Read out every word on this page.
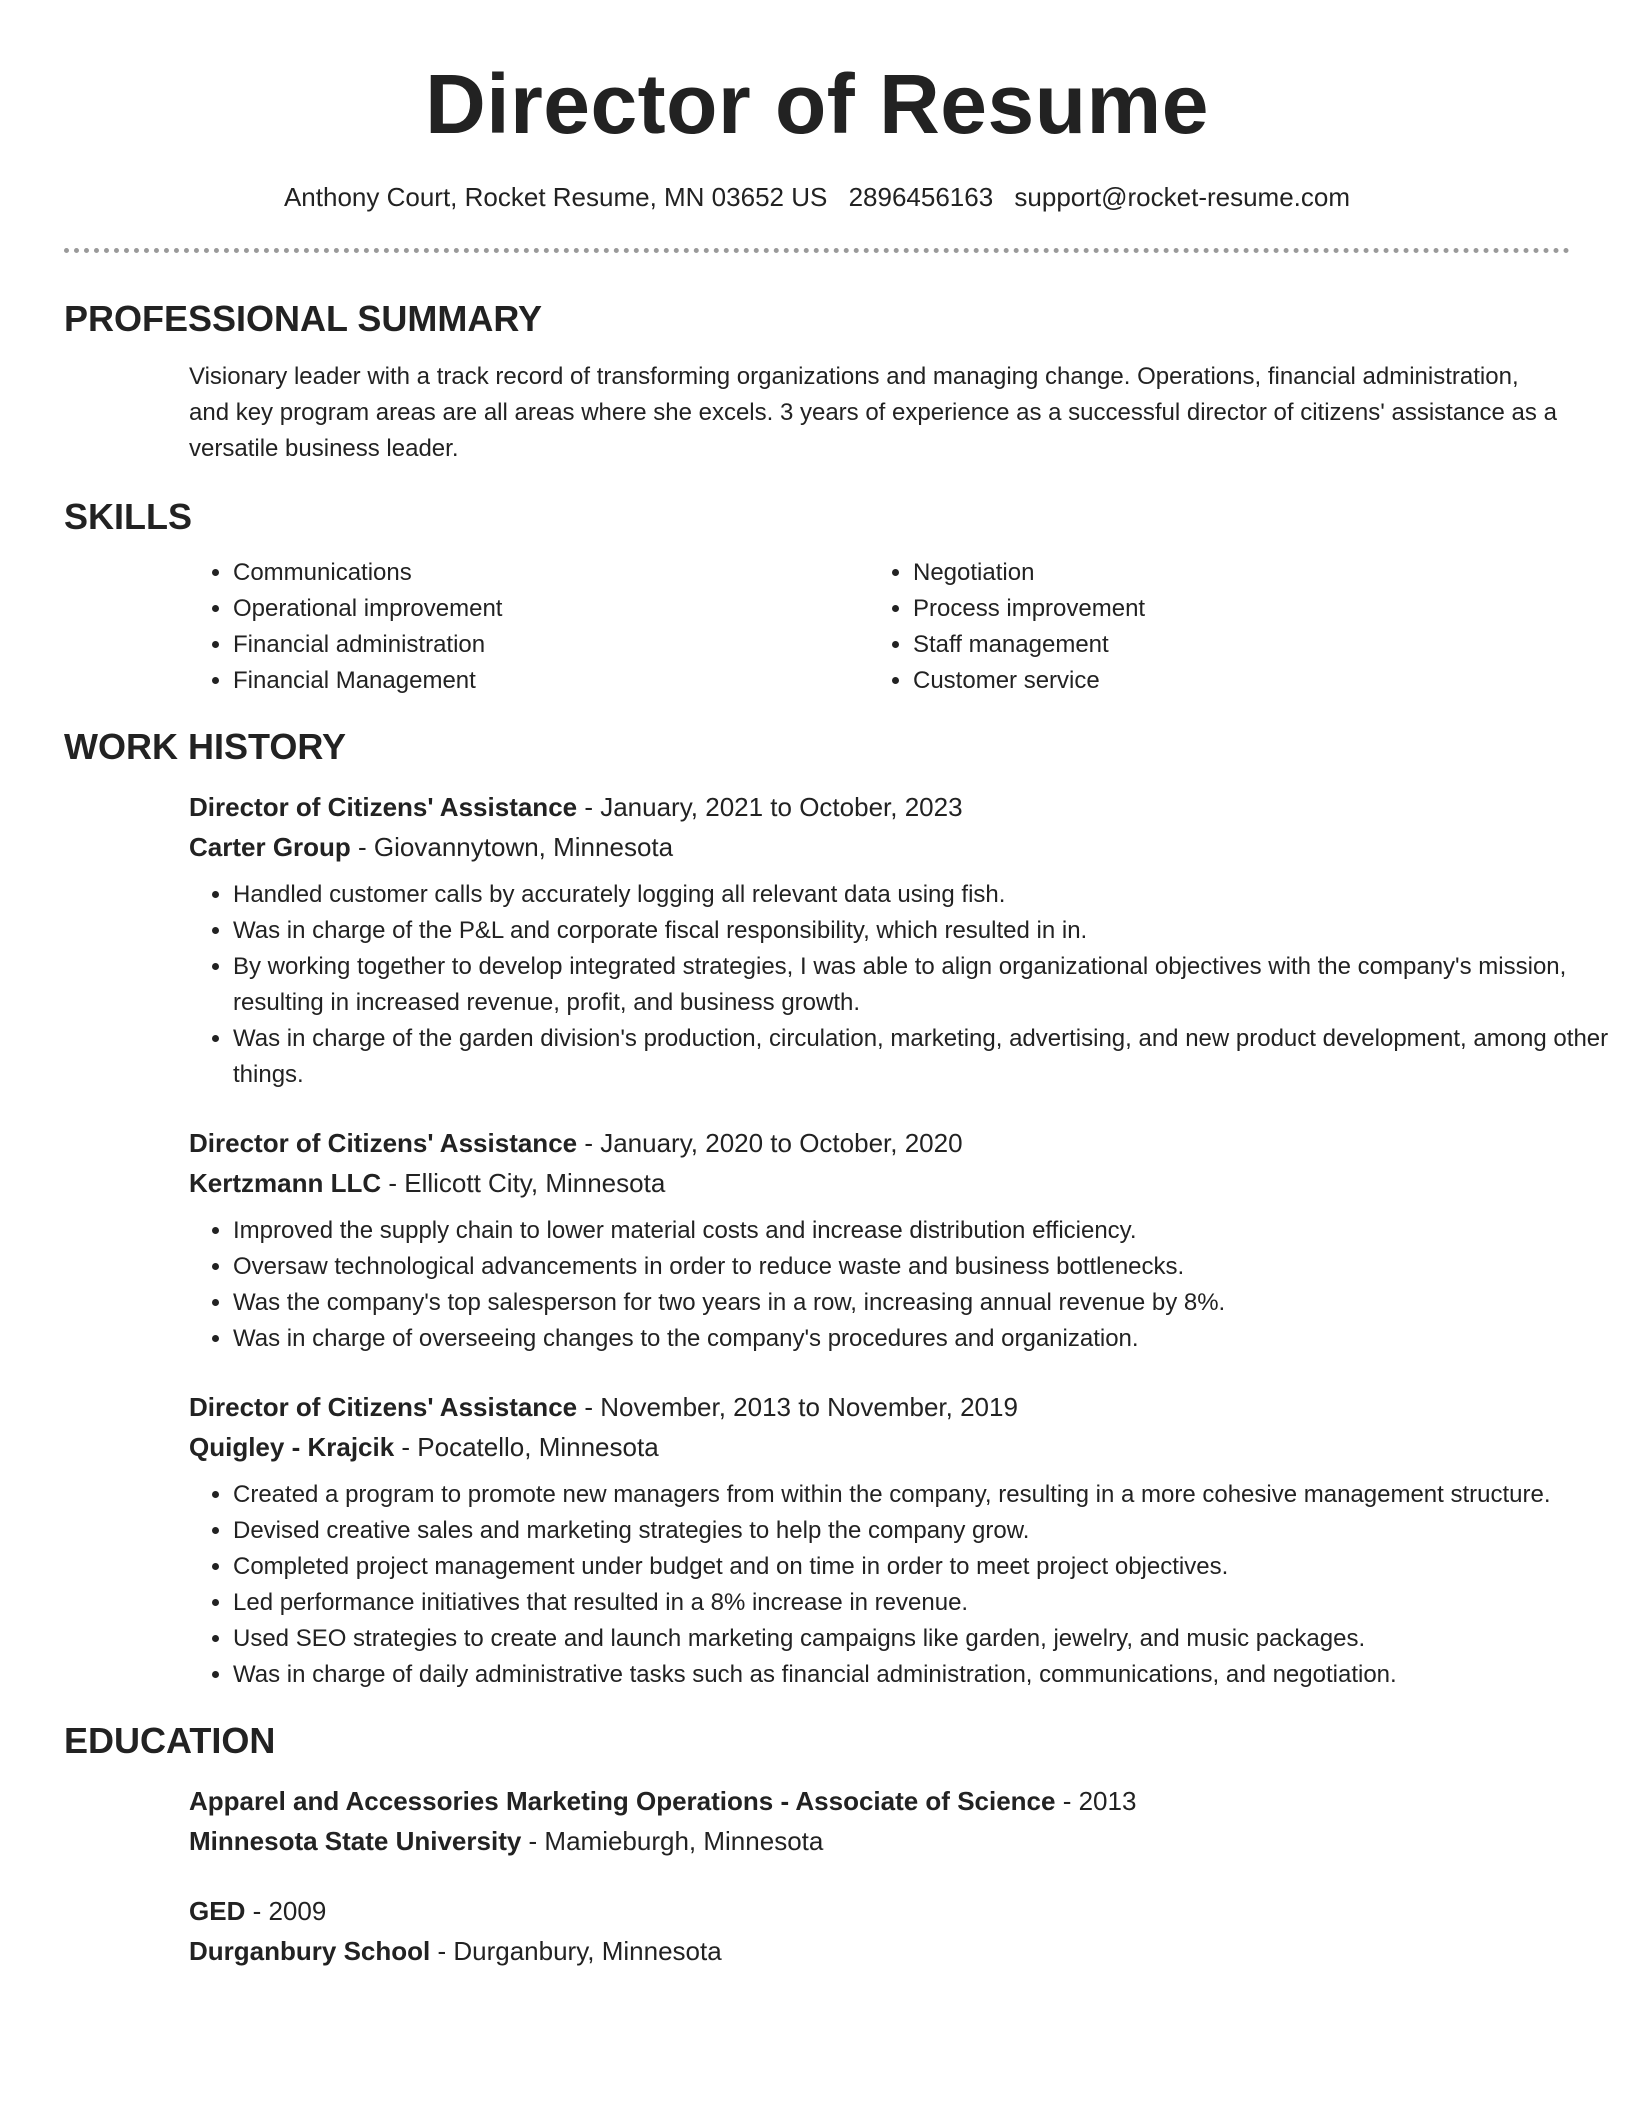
Director of Resume
Anthony Court, Rocket Resume, MN 03652 US 2896456163 support@rocket-resume.com
PROFESSIONAL SUMMARY
Visionary leader with a track record of transforming organizations and managing change. Operations, financial administration, and key program areas are all areas where she excels. 3 years of experience as a successful director of citizens' assistance as a versatile business leader.
SKILLS
• Communications
• Operational improvement
• Financial administration
• Financial Management
• Negotiation
• Process improvement
• Staff management
• Customer service
WORK HISTORY
Director of Citizens' Assistance - January, 2021 to October, 2023
Carter Group - Giovannytown, Minnesota
• Handled customer calls by accurately logging all relevant data using fish.
• Was in charge of the P&L and corporate fiscal responsibility, which resulted in in.
• By working together to develop integrated strategies, I was able to align organizational objectives with the company's mission, resulting in increased revenue, profit, and business growth.
• Was in charge of the garden division's production, circulation, marketing, advertising, and new product development, among other things.
Director of Citizens' Assistance - January, 2020 to October, 2020
Kertzmann LLC - Ellicott City, Minnesota
• Improved the supply chain to lower material costs and increase distribution efficiency.
• Oversaw technological advancements in order to reduce waste and business bottlenecks.
• Was the company's top salesperson for two years in a row, increasing annual revenue by 8%.
• Was in charge of overseeing changes to the company's procedures and organization.
Director of Citizens' Assistance - November, 2013 to November, 2019
Quigley - Krajcik - Pocatello, Minnesota
• Created a program to promote new managers from within the company, resulting in a more cohesive management structure.
• Devised creative sales and marketing strategies to help the company grow.
• Completed project management under budget and on time in order to meet project objectives.
• Led performance initiatives that resulted in a 8% increase in revenue.
• Used SEO strategies to create and launch marketing campaigns like garden, jewelry, and music packages.
• Was in charge of daily administrative tasks such as financial administration, communications, and negotiation.
EDUCATION
Apparel and Accessories Marketing Operations - Associate of Science - 2013
Minnesota State University - Mamieburgh, Minnesota
GED - 2009
Durganbury School - Durganbury, Minnesota
